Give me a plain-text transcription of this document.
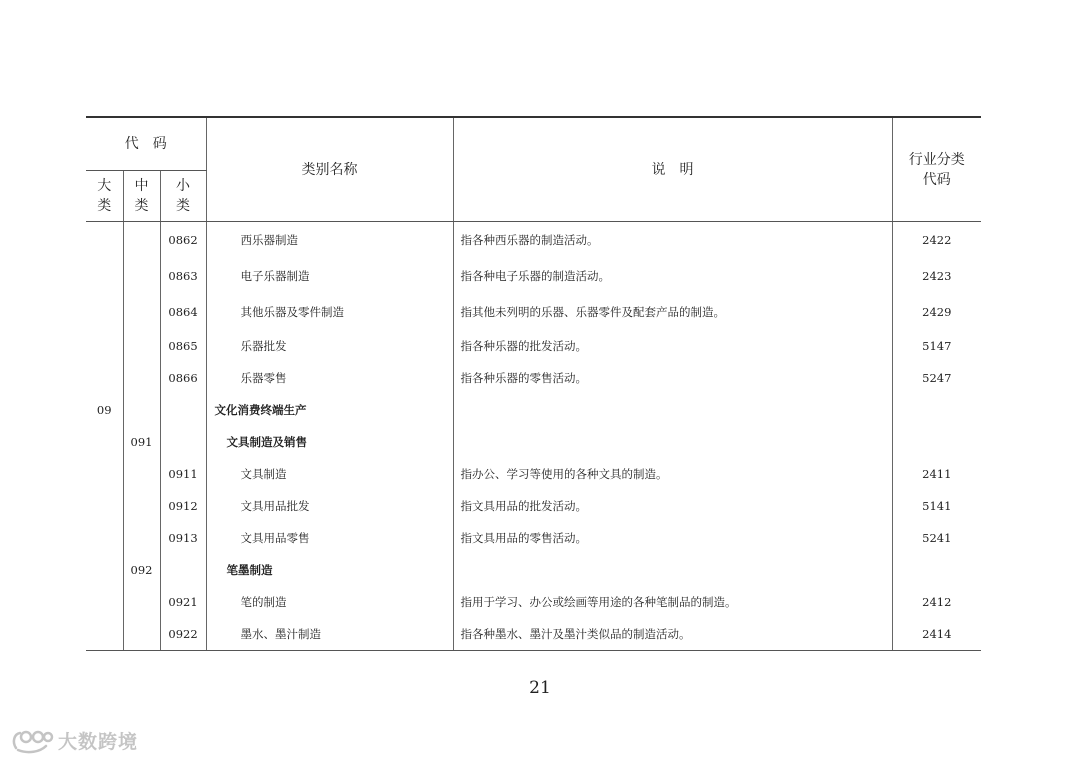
代　码			类别名称	说　明	行业分类
代码

大类	中类	小类			

		0862	西乐器制造	指各种西乐器的制造活动。	2422
		0863	电子乐器制造	指各种电子乐器的制造活动。	2423
		0864	其他乐器及零件制造	指其他未列明的乐器、乐器零件及配套产品的制造。	2429
		0865	乐器批发	指各种乐器的批发活动。	5147
		0866	乐器零售	指各种乐器的零售活动。	5247
09			文化消费终端生产		
	091		文具制造及销售		
		0911	文具制造	指办公、学习等使用的各种文具的制造。	2411
		0912	文具用品批发	指文具用品的批发活动。	5141
		0913	文具用品零售	指文具用品的零售活动。	5241
	092		笔墨制造		
		0921	笔的制造	指用于学习、办公或绘画等用途的各种笔制品的制造。	2412
		0922	墨水、墨汁制造	指各种墨水、墨汁及墨汁类似品的制造活动。	2414
21
大数跨境
